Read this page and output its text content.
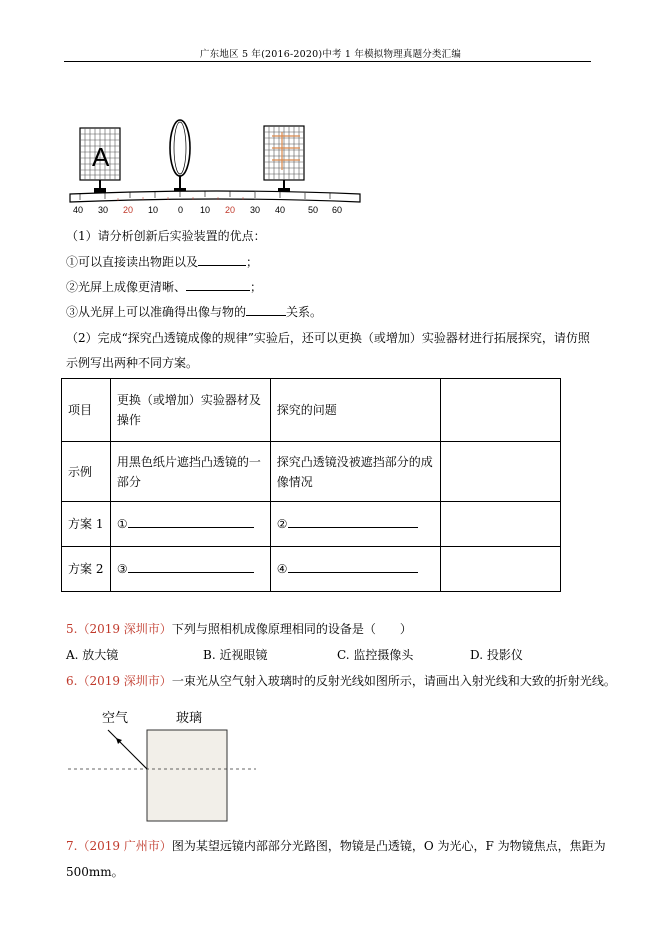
广东地区 5 年(2016-2020)中考 1 年模拟物理真题分类汇编
A
40 30 20 10 0 10 20 30 40	50 60
（1）请分析创新后实验装置的优点：
①可以直接读出物距以及	；
②光屏上成像更清晰、	；
③从光屏上可以准确得出像与物的	关系。
（2）完成“探究凸透镜成像的规律”实验后，还可以更换（或增加）实验器材进行拓展探究，请仿照
示例写出两种不同方案。
项目	更换（或增加）实验器材及操作	探究的问题	
示例	用黑色纸片遮挡凸透镜的一部分	探究凸透镜没被遮挡部分的成像情况	
方案 1	①	②	
方案 2	③	④	
5.（2019 深圳市）下列与照相机成像原理相同的设备是（　　）
A. 放大镜	B. 近视眼镜	C. 监控摄像头	D. 投影仪
6.（2019 深圳市）一束光从空气射入玻璃时的反射光线如图所示，请画出入射光线和大致的折射光线。
空气	玻璃
7.（2019 广州市）图为某望远镜内部部分光路图，物镜是凸透镜，O 为光心，F 为物镜焦点，焦距为
500mm。
